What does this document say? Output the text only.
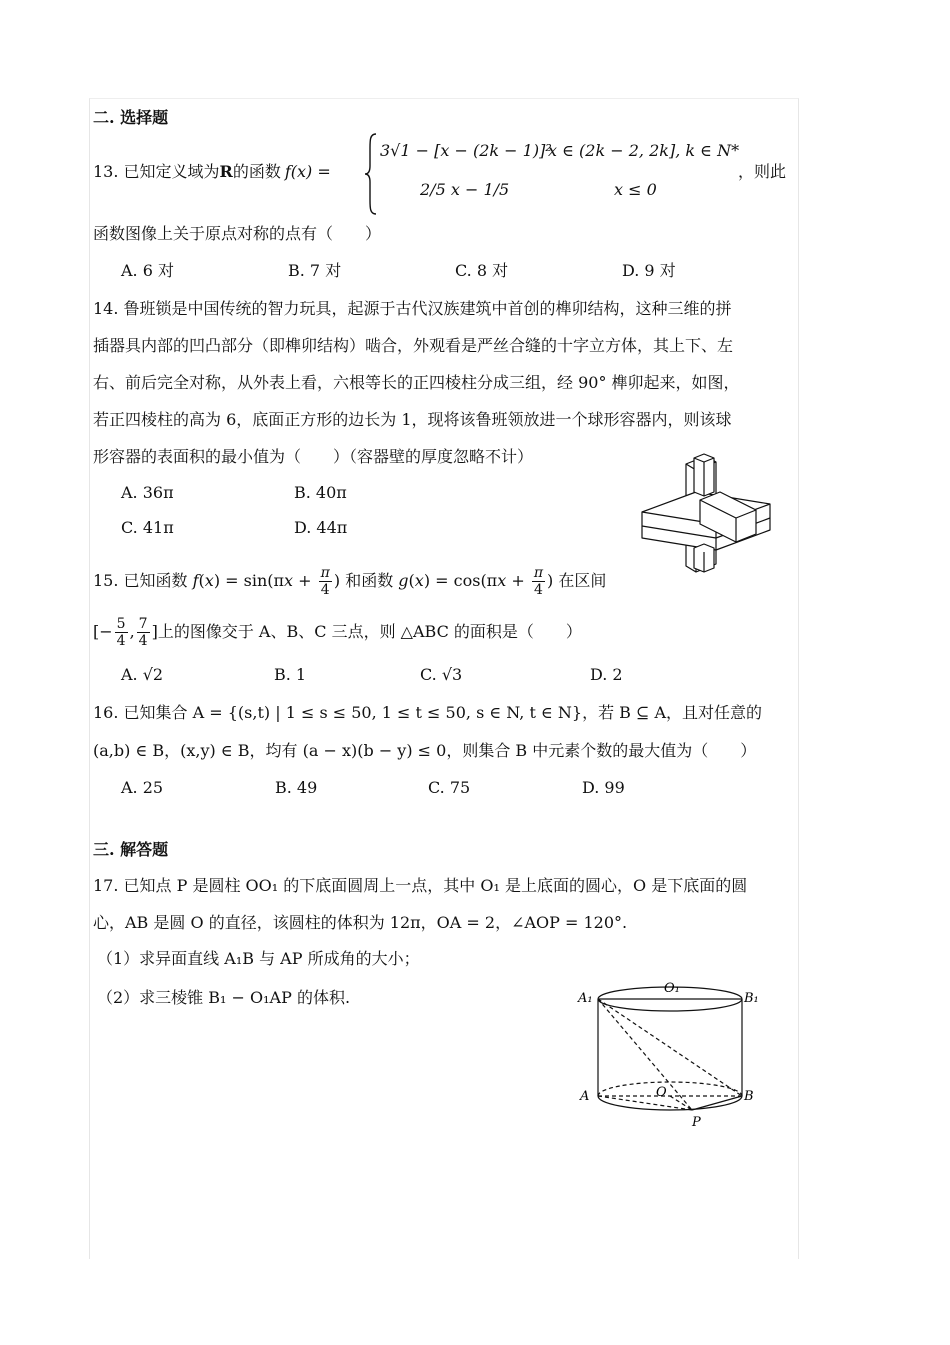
二. 选择题
13. 已知定义域为R的函数 f(x) =
3√1 − [x − (2k − 1)]²
x ∈ (2k − 2, 2k], k ∈ N*
2/5 x − 1/5	x ≤ 0
，则此
函数图像上关于原点对称的点有（　　）
A. 6 对	B. 7 对	C. 8 对	D. 9 对
14. 鲁班锁是中国传统的智力玩具，起源于古代汉族建筑中首创的榫卯结构，这种三维的拼
插器具内部的凹凸部分（即榫卯结构）啮合，外观看是严丝合缝的十字立方体，其上下、左
右、前后完全对称，从外表上看，六根等长的正四棱柱分成三组，经 90° 榫卯起来，如图，
若正四棱柱的高为 6，底面正方形的边长为 1，现将该鲁班领放进一个球形容器内，则该球
形容器的表面积的最小值为（　　）（容器壁的厚度忽略不计）
A. 36π	B. 40π
C. 41π	D. 44π
15. 已知函数 $f(x) = \sin(\pi x + \frac{\pi}{4}$ ) 和函数 $g(x) = \cos(\pi x + \frac{\pi}{4}$ ) 在区间
[− $\frac{5}{4}$ , $\frac{7}{4}$ ]上的图像交于 A、B、C 三点，则 △ABC 的面积是（　　）
A. √2	B. 1	C. √3	D. 2
16. 已知集合 A = {(s,t) | 1 ≤ s ≤ 50, 1 ≤ t ≤ 50, s ∈ N, t ∈ N}，若 B ⊆ A，且对任意的
(a,b) ∈ B，(x,y) ∈ B，均有 (a − x)(b − y) ≤ 0，则集合 B 中元素个数的最大值为（　　）
A. 25	B. 49	C. 75	D. 99
三. 解答题
17. 已知点 P 是圆柱 OO₁ 的下底面圆周上一点，其中 O₁ 是上底面的圆心，O 是下底面的圆
心，AB 是圆 O 的直径，该圆柱的体积为 12π，OA = 2，∠AOP = 120°.
（1）求异面直线 A₁B 与 AP 所成角的大小；
（2）求三棱锥 B₁ − O₁AP 的体积.	A₁
O₁
B₁
A	O	B
P
